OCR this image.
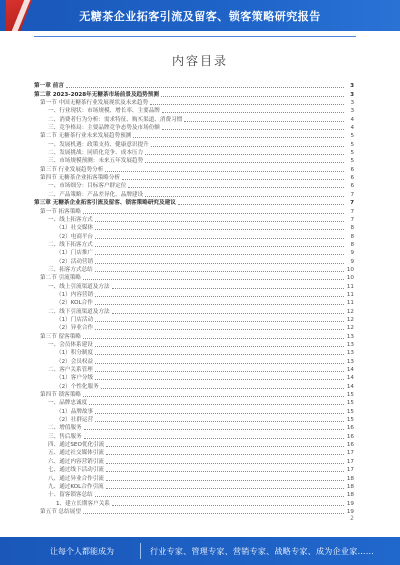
无糖茶企业拓客引流及留客、锁客策略研究报告
内容目录
第一章 前言	3
第二章 2023-2028年无糖茶市场前景及趋势预测	3
第一节 中国无糖茶行业发展现状及未来趋势	3
一、行业现状：市场规模、增长率、主要品牌	3
二、消费者行为分析：需求特征、购买渠道、消费习惯	4
三、竞争格局：主要品牌竞争态势及市场份额	4
第二节 无糖茶行业未来发展趋势预测	5
一、发展机遇：政策支持、健康意识提升	5
二、发展挑战：同质化竞争、成本压力	5
三、市场规模预测：未来五年发展趋势	5
第三节 行业发展趋势分析	6
第四节 无糖茶企业拓客策略分析	6
一、市场细分：目标客户群定位	6
二、产品策略：产品差异化、品牌建设	7
第三章 无糖茶企业拓客引流及留客、锁客策略研究及建议	7
第一节 拓客策略	7
一、线上拓客方式	7
（1）社交媒体	8
（2）电商平台	8
二、线下拓客方式	8
（1）门店推广	9
（2）活动营销	9
三、拓客方式总结	10
第二节 引流策略	10
一、线上引流渠道及方法	11
（1）内容营销	11
（2）KOL合作	11
二、线下引流渠道及方法	12
（1）门店活动	12
（2）异业合作	12
第三节 留客策略	13
一、会员体系建设	13
（1）积分制度	13
（2）会员权益	13
二、客户关系管理	14
（1）客户分级	14
（2）个性化服务	14
第四节 锁客策略	15
一、品牌忠诚度	15
（1）品牌故事	15
（2）社群运营	15
二、增值服务	16
三、售后服务	16
四、通过SEO优化引流	16
五、通过社交媒体引流	17
六、通过内容营销引流	17
七、通过线下活动引流	17
八、通过异业合作引流	18
九、通过KOL合作引流	18
十、留客锁客总结	18
1、建立长期客户关系	19
第五节 总结展望	19
2
让每个人都能成为	行业专家、管理专家、营销专家、战略专家、成为企业家……
